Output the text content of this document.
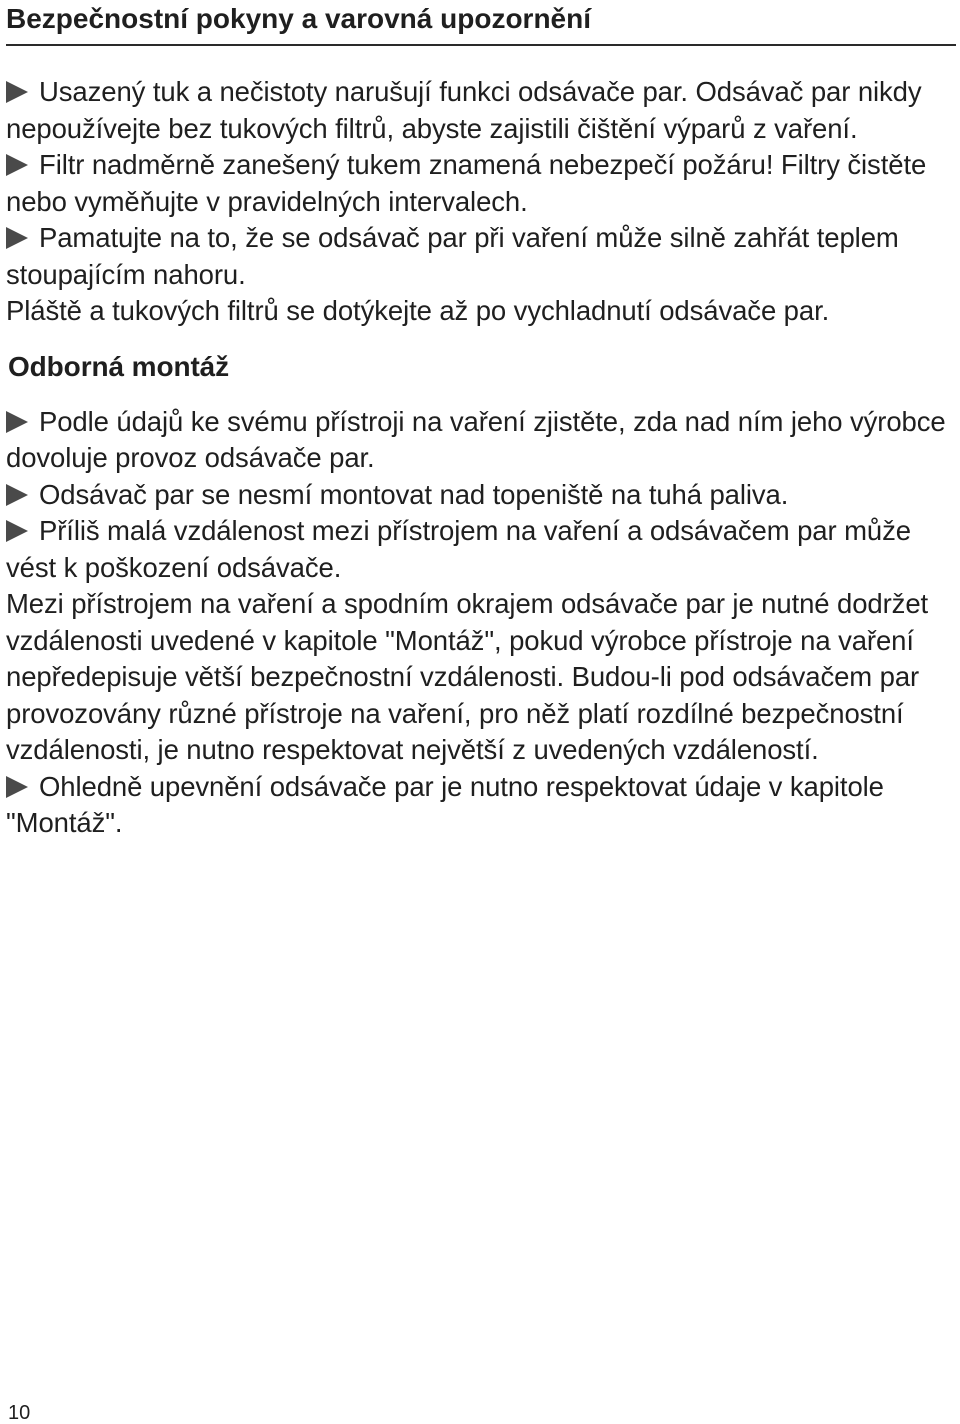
Bezpečnostní pokyny a varovná upozornění

Usazený tuk a nečistoty narušují funkci odsávače par. Odsávač par nikdy nepoužívejte bez tukových filtrů, abyste zajistili čištění výparů z vaření.

Filtr nadměrně zanešený tukem znamená nebezpečí požáru! Filtry čistěte nebo vyměňujte v pravidelných intervalech.

Pamatujte na to, že se odsávač par při vaření může silně zahřát teplem stoupajícím nahoru.

Pláště a tukových filtrů se dotýkejte až po vychladnutí odsávače par.

Odborná montáž

Podle údajů ke svému přístroji na vaření zjistěte, zda nad ním jeho výrobce dovoluje provoz odsávače par.

Odsávač par se nesmí montovat nad topeniště na tuhá paliva.

Příliš malá vzdálenost mezi přístrojem na vaření a odsávačem par může vést k poškození odsávače.

Mezi přístrojem na vaření a spodním okrajem odsávače par je nutné dodržet vzdálenosti uvedené v kapitole "Montáž", pokud výrobce přístroje na vaření nepředepisuje větší bezpečnostní vzdálenosti. Budou-li pod odsávačem par provozovány různé přístroje na vaření, pro něž platí rozdílné bezpečnostní vzdálenosti, je nutno respektovat největší z uvedených vzdáleností.

Ohledně upevnění odsávače par je nutno respektovat údaje v kapitole "Montáž".

10
